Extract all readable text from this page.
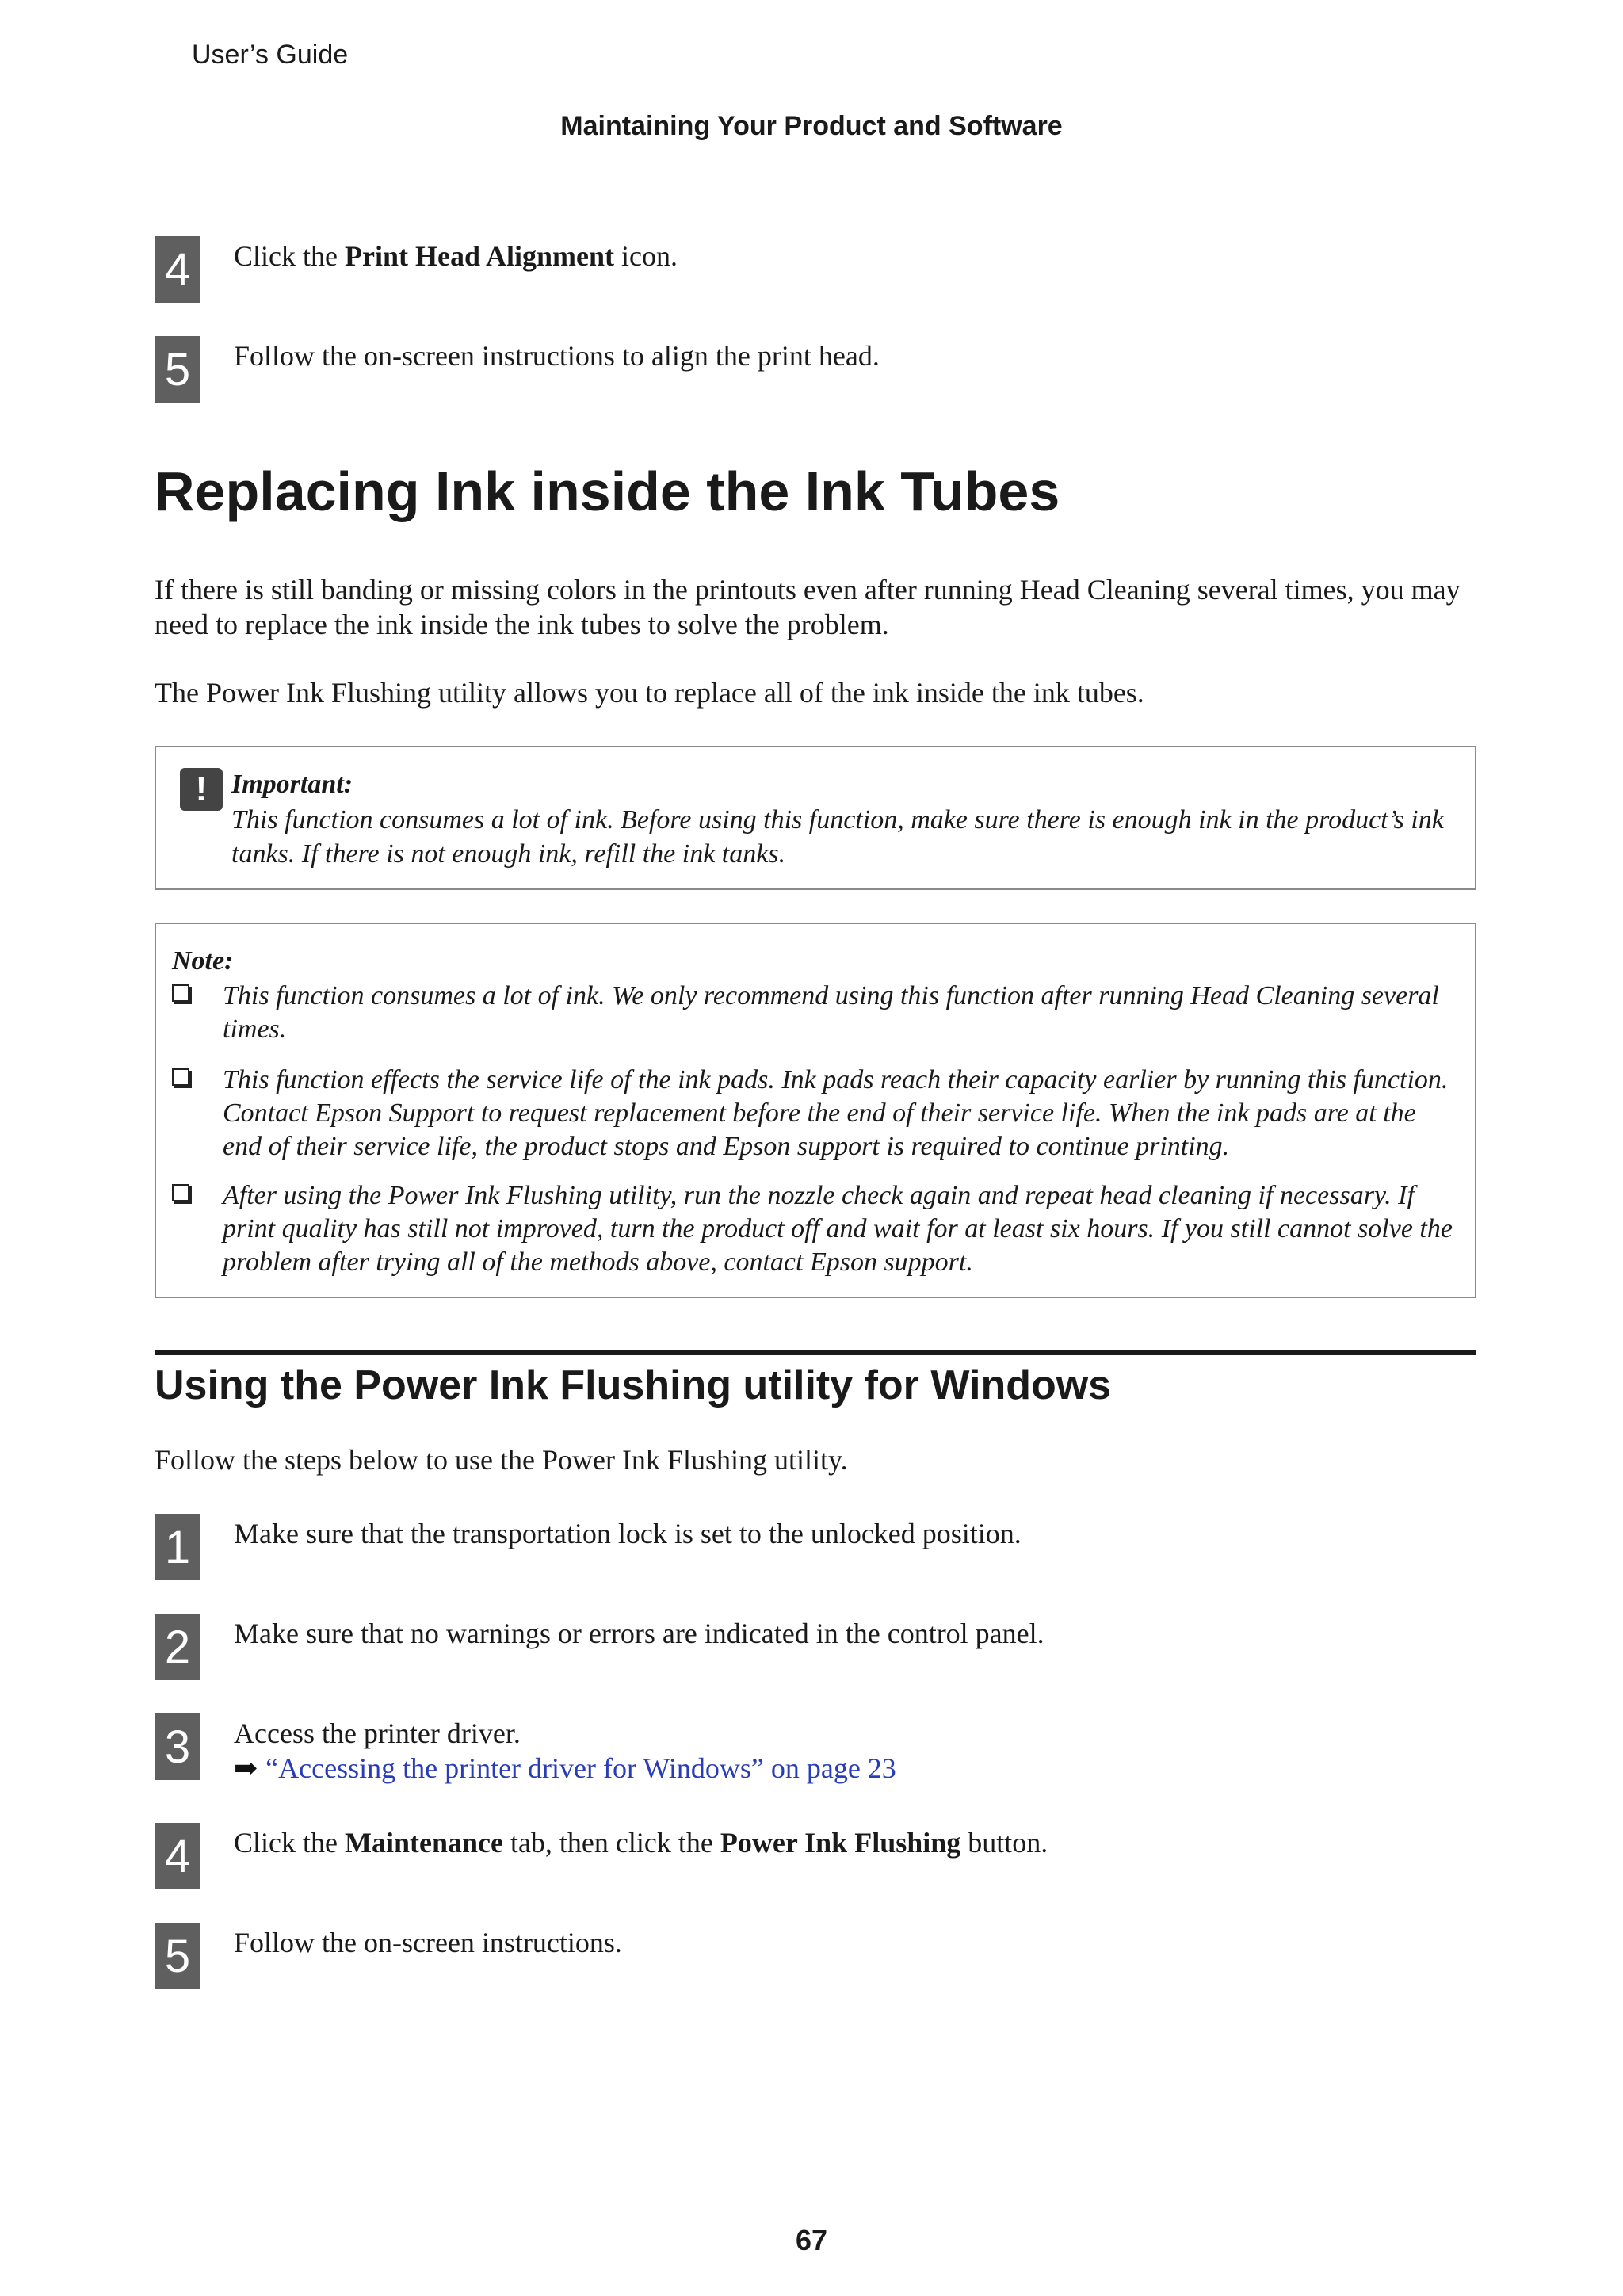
User’s Guide
Maintaining Your Product and Software
4	Click the Print Head Alignment icon.
5	Follow the on-screen instructions to align the print head.
Replacing Ink inside the Ink Tubes
If there is still banding or missing colors in the printouts even after running Head Cleaning several times, you may need to replace the ink inside the ink tubes to solve the problem.
The Power Ink Flushing utility allows you to replace all of the ink inside the ink tubes.
! Important:
This function consumes a lot of ink. Before using this function, make sure there is enough ink in the product’s ink tanks. If there is not enough ink, refill the ink tanks.
Note:
This function consumes a lot of ink. We only recommend using this function after running Head Cleaning several times.
This function effects the service life of the ink pads. Ink pads reach their capacity earlier by running this function. Contact Epson Support to request replacement before the end of their service life. When the ink pads are at the end of their service life, the product stops and Epson support is required to continue printing.
After using the Power Ink Flushing utility, run the nozzle check again and repeat head cleaning if necessary. If print quality has still not improved, turn the product off and wait for at least six hours. If you still cannot solve the problem after trying all of the methods above, contact Epson support.
Using the Power Ink Flushing utility for Windows
Follow the steps below to use the Power Ink Flushing utility.
1	Make sure that the transportation lock is set to the unlocked position.
2	Make sure that no warnings or errors are indicated in the control panel.
3	Access the printer driver.
➡ “Accessing the printer driver for Windows” on page 23
4	Click the Maintenance tab, then click the Power Ink Flushing button.
5	Follow the on-screen instructions.
67
